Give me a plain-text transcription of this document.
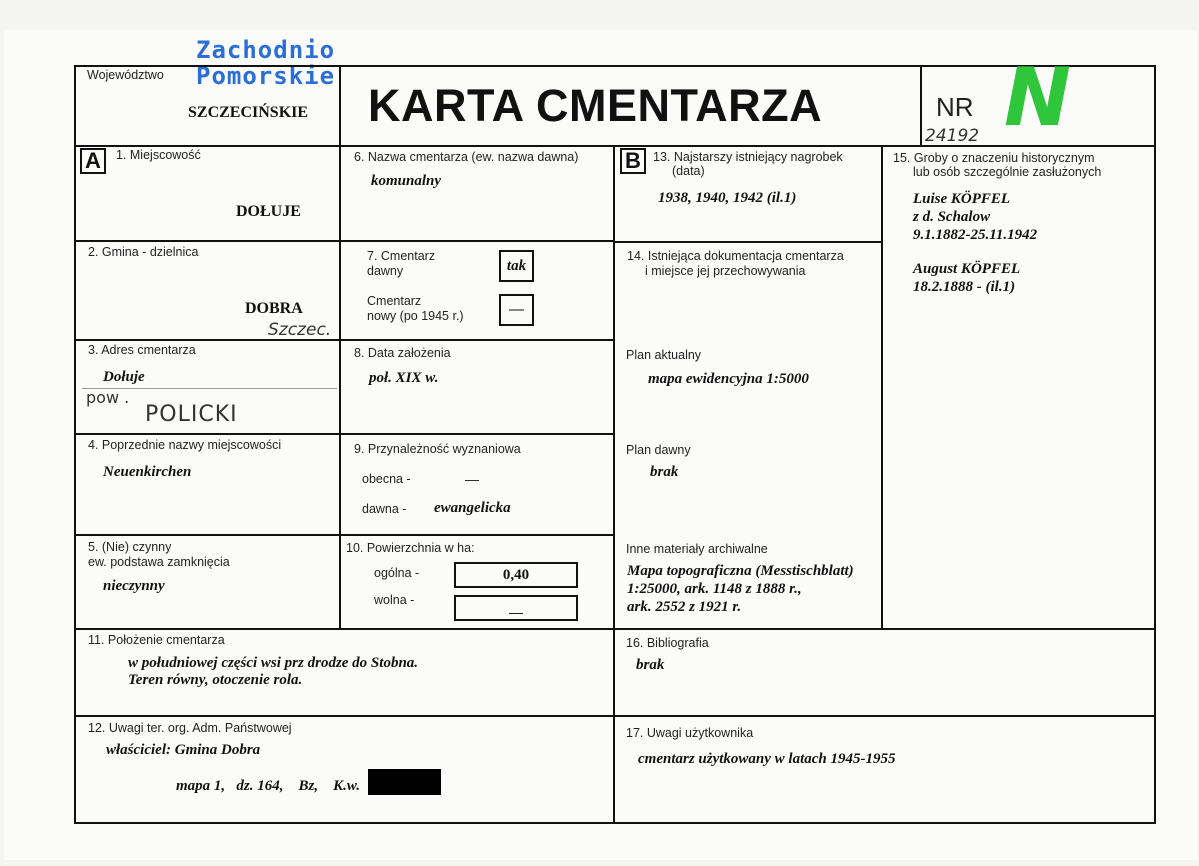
Zachodnio
Pomorskie
Województwo
SZCZECIŃSKIE KARTA CMENTARZA	NR N
24192
A	1. Miejscowość
DOŁUJE
2. Gmina - dzielnica
DOBRA
Szczec.
3. Adres cmentarza
Dołuje
pow .
POLICKI
4. Poprzednie nazwy miejscowości
Neuenkirchen
5. (Nie) czynny
ew. podstawa zamknięcia
nieczynny
6. Nazwa cmentarza (ew. nazwa dawna)
komunalny
7. Cmentarz
dawny	tak
Cmentarz
nowy (po 1945 r.)	—
8. Data założenia
poł. XIX w.
9. Przynależność wyznaniowa
obecna -	—
dawna - ewangelicka
10. Powierzchnia w ha:
ogólna -	0,40
wolna -
—
B 13. Najstarszy istniejący nagrobek
(data)
1938, 1940, 1942 (il.1)
14. Istniejąca dokumentacja cmentarza
i miejsce jej przechowywania
Plan aktualny
mapa ewidencyjna 1:5000
Plan dawny
brak
Inne materiały archiwalne
Mapa topograficzna (Messtischblatt)
1:25000, ark. 1148 z 1888 r.,
ark. 2552 z 1921 r.
15. Groby o znaczeniu historycznym
lub osób szczególnie zasłużonych
Luise KÖPFEL
z d. Schalow
9.1.1882-25.11.1942
August KÖPFEL
18.2.1888 - (il.1)
11. Położenie cmentarza
w południowej części wsi prz drodze do Stobna.
Teren równy, otoczenie rola.
16. Bibliografia
brak
12. Uwagi ter. org. Adm. Państwowej
właściciel: Gmina Dobra
mapa 1,   dz. 164,    Bz,    K.w.
17. Uwagi użytkownika
cmentarz użytkowany w latach 1945-1955
